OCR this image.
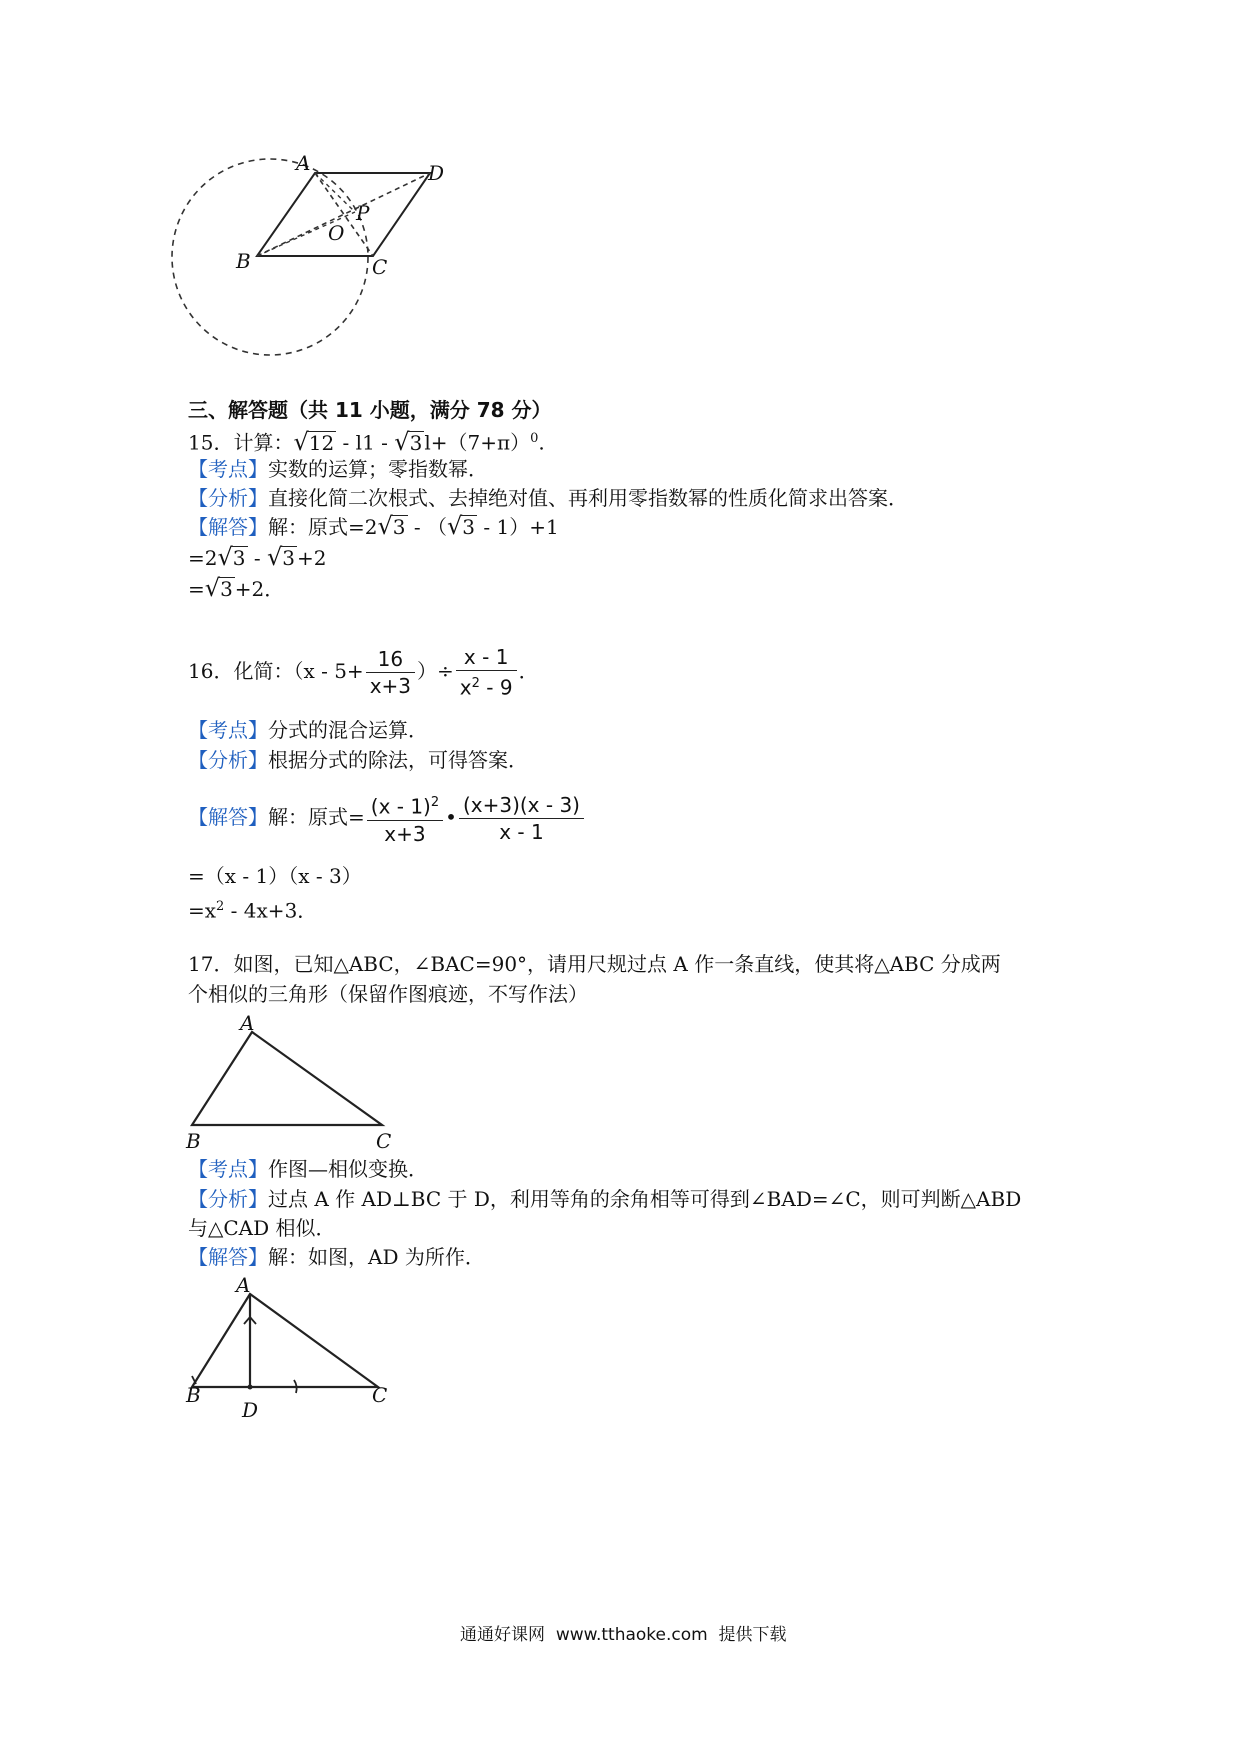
A	D
B	C
O
P
三、解答题（共 11 小题，满分 78 分）
15．计算：√12 - l1 - √3 $l+(7+\pi)^0$.
【考点】实数的运算；零指数幂．
【分析】直接化简二次根式、去掉绝对值、再利用零指数幂的性质化简求出答案．
【解答】解：原式=2√3 - （√3 - 1）+1
=2√3 - √3 +2
=√3 +2．
16．化简：（$x - 5+ \frac{16}{x+3}$ ）÷ $\frac{x - 1}{x^2 - 9}$ ．
【考点】分式的混合运算．
【分析】根据分式的除法，可得答案．
【解答】解：原式= $\frac{(x - 1)^2}{x+3}$ • $\frac{(x+3)(x - 3)}{x - 1}$
=（x - 1）（x - 3）
$=x^2 - 4x+3$．
17．如图，已知△ABC，∠BAC=90°，请用尺规过点 A 作一条直线，使其将△ABC 分成两
个相似的三角形（保留作图痕迹，不写作法）
A
B	C
【考点】作图—相似变换．
【分析】过点 A 作 AD⊥BC 于 D，利用等角的余角相等可得到∠BAD=∠C，则可判断△ABD
与△CAD 相似．
【解答】解：如图，AD 为所作．
A
B	C
D
通通好课网 www.tthaoke.com 提供下载
